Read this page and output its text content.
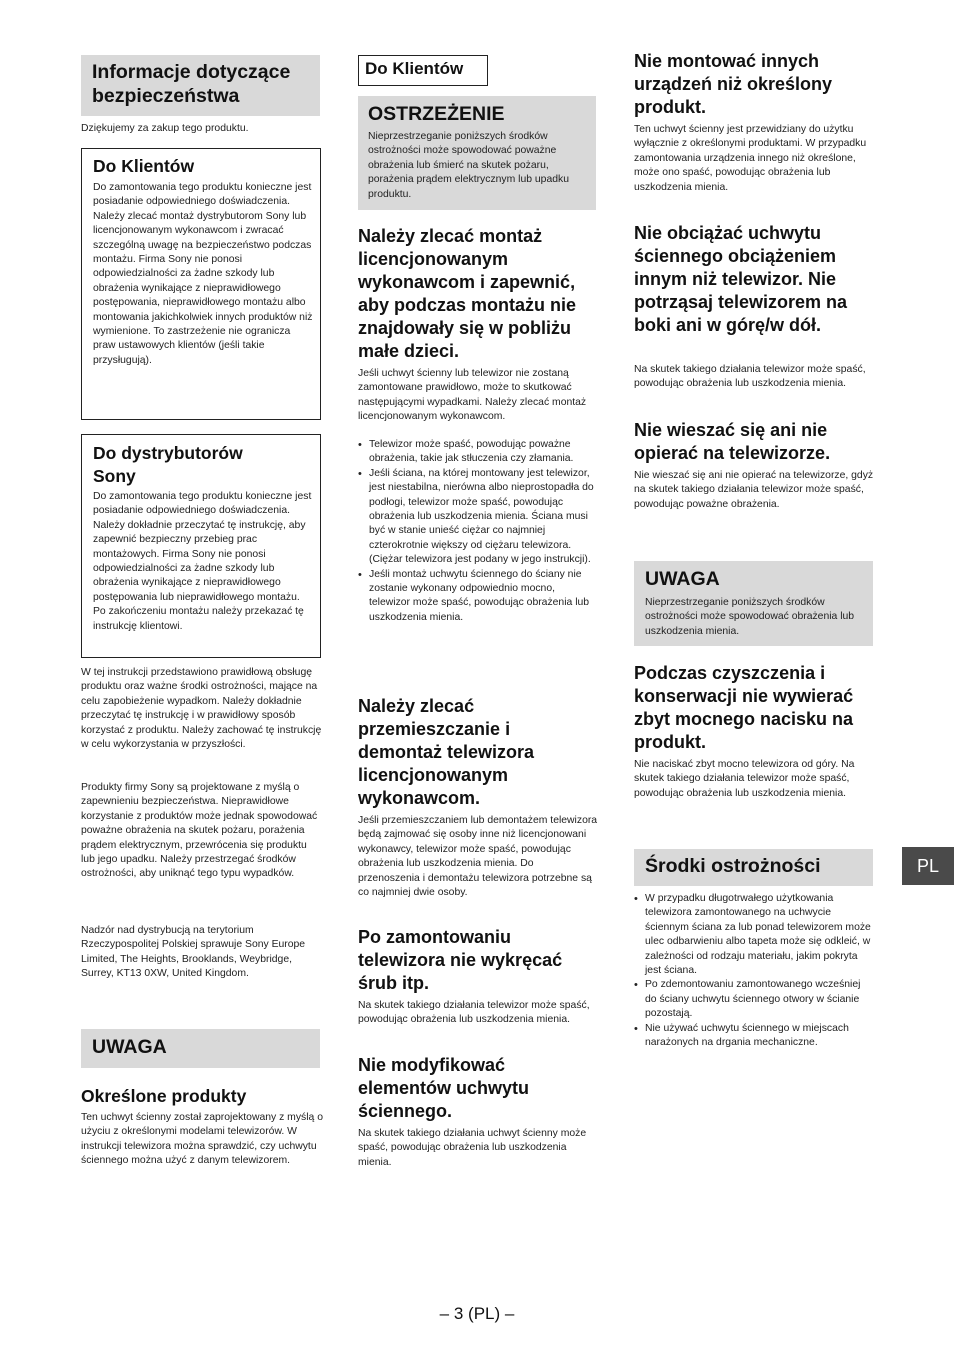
Informacje dotyczące bezpieczeństwa

Dziękujemy za zakup tego produktu.

Do Klientów

Do zamontowania tego produktu konieczne jest posiadanie odpowiedniego doświadczenia. Należy zlecać montaż dystrybutorom Sony lub licencjonowanym wykonawcom i zwracać szczególną uwagę na bezpieczeństwo podczas montażu. Firma Sony nie ponosi odpowiedzialności za żadne szkody lub obrażenia wynikające z nieprawidłowego postępowania, nieprawidłowego montażu albo montowania jakichkolwiek innych produktów niż wymienione. To zastrzeżenie nie ogranicza praw ustawowych klientów (jeśli takie przysługują).

Do dystrybutorów Sony

Do zamontowania tego produktu konieczne jest posiadanie odpowiedniego doświadczenia. Należy dokładnie przeczytać tę instrukcję, aby zapewnić bezpieczny przebieg prac montażowych. Firma Sony nie ponosi odpowiedzialności za żadne szkody lub obrażenia wynikające z nieprawidłowego postępowania lub nieprawidłowego montażu. Po zakończeniu montażu należy przekazać tę instrukcję klientowi.

W tej instrukcji przedstawiono prawidłową obsługę produktu oraz ważne środki ostrożności, mające na celu zapobieżenie wypadkom. Należy dokładnie przeczytać tę instrukcję i w prawidłowy sposób korzystać z produktu. Należy zachować tę instrukcję w celu wykorzystania w przyszłości.

Produkty firmy Sony są projektowane z myślą o zapewnieniu bezpieczeństwa. Nieprawidłowe korzystanie z produktów może jednak spowodować poważne obrażenia na skutek pożaru, porażenia prądem elektrycznym, przewrócenia się produktu lub jego upadku. Należy przestrzegać środków ostrożności, aby uniknąć tego typu wypadków.

Nadzór nad dystrybucją na terytorium Rzeczypospolitej Polskiej sprawuje Sony Europe Limited, The Heights, Brooklands, Weybridge, Surrey, KT13 0XW, United Kingdom.

UWAGA
Określone produkty

Ten uchwyt ścienny został zaprojektowany z myślą o użyciu z określonymi modelami telewizorów. W instrukcji telewizora można sprawdzić, czy uchwytu ściennego można użyć z danym telewizorem.

Do Klientów
OSTRZEŻENIE

Nieprzestrzeganie poniższych środków ostrożności może spowodować poważne obrażenia lub śmierć na skutek pożaru, porażenia prądem elektrycznym lub upadku produktu.

Należy zlecać montaż licencjonowanym wykonawcom i zapewnić, aby podczas montażu nie znajdowały się w pobliżu małe dzieci.

Jeśli uchwyt ścienny lub telewizor nie zostaną zamontowane prawidłowo, może to skutkować następującymi wypadkami. Należy zlecać montaż licencjonowanym wykonawcom.

• Telewizor może spaść, powodując poważne obrażenia, takie jak stłuczenia czy złamania.
• Jeśli ściana, na której montowany jest telewizor, jest niestabilna, nierówna albo nieprostopadła do podłogi, telewizor może spaść, powodując obrażenia lub uszkodzenia mienia. Ściana musi być w stanie unieść ciężar co najmniej czterokrotnie większy od ciężaru telewizora. (Ciężar telewizora jest podany w jego instrukcji).
• Jeśli montaż uchwytu ściennego do ściany nie zostanie wykonany odpowiednio mocno, telewizor może spaść, powodując obrażenia lub uszkodzenia mienia.
Należy zlecać przemieszczanie i demontaż telewizora licencjonowanym wykonawcom.

Jeśli przemieszczaniem lub demontażem telewizora będą zajmować się osoby inne niż licencjonowani wykonawcy, telewizor może spaść, powodując obrażenia lub uszkodzenia mienia. Do przenoszenia i demontażu telewizora potrzebne są co najmniej dwie osoby.

Po zamontowaniu telewizora nie wykręcać śrub itp.

Na skutek takiego działania telewizor może spaść, powodując obrażenia lub uszkodzenia mienia.

Nie modyfikować elementów uchwytu ściennego.

Na skutek takiego działania uchwyt ścienny może spaść, powodując obrażenia lub uszkodzenia mienia.

Nie montować innych urządzeń niż określony produkt.

Ten uchwyt ścienny jest przewidziany do użytku wyłącznie z określonymi produktami. W przypadku zamontowania urządzenia innego niż określone, może ono spaść, powodując obrażenia lub uszkodzenia mienia.

Nie obciążać uchwytu ściennego obciążeniem innym niż telewizor. Nie potrząsaj telewizorem na boki ani w górę/w dół.

Na skutek takiego działania telewizor może spaść, powodując obrażenia lub uszkodzenia mienia.

Nie wieszać się ani nie opierać na telewizorze.

Nie wieszać się ani nie opierać na telewizorze, gdyż na skutek takiego działania telewizor może spaść, powodując poważne obrażenia.

UWAGA

Nieprzestrzeganie poniższych środków ostrożności może spowodować obrażenia lub uszkodzenia mienia.

Podczas czyszczenia i konserwacji nie wywierać zbyt mocnego nacisku na produkt.

Nie naciskać zbyt mocno telewizora od góry. Na skutek takiego działania telewizor może spaść, powodując obrażenia lub uszkodzenia mienia.

Środki ostrożności
• W przypadku długotrwałego użytkowania telewizora zamontowanego na uchwycie ściennym ściana za lub ponad telewizorem może ulec odbarwieniu albo tapeta może się odkleić, w zależności od rodzaju materiału, jakim pokryta jest ściana.
• Po zdemontowaniu zamontowanego wcześniej do ściany uchwytu ściennego otwory w ścianie pozostają.
• Nie używać uchwytu ściennego w miejscach narażonych na drgania mechaniczne.
PL
– 3 (PL) –
